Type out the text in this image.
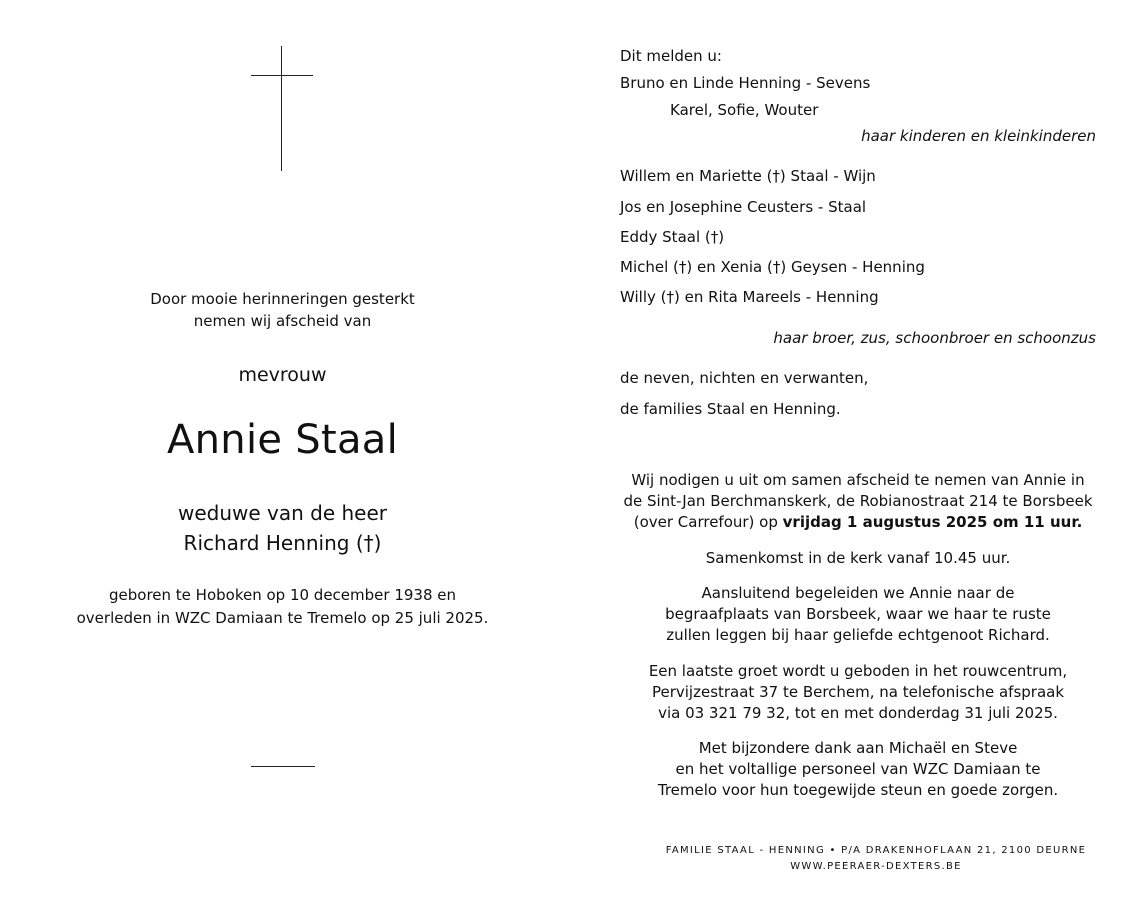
Door mooie herinneringen gesterkt
nemen wij afscheid van
mevrouw
Annie Staal
weduwe van de heer
Richard Henning (†)
geboren te Hoboken op 10 december 1938 en
overleden in WZC Damiaan te Tremelo op 25 juli 2025.
Dit melden u:
Bruno en Linde Henning - Sevens
Karel, Sofie, Wouter
haar kinderen en kleinkinderen
Willem en Mariette (†) Staal - Wijn
Jos en Josephine Ceusters - Staal
Eddy Staal (†)
Michel (†) en Xenia (†) Geysen - Henning
Willy (†) en Rita Mareels - Henning
haar broer, zus, schoonbroer en schoonzus
de neven, nichten en verwanten,
de families Staal en Henning.
Wij nodigen u uit om samen afscheid te nemen van Annie in
de Sint-Jan Berchmanskerk, de Robianostraat 214 te Borsbeek
(over Carrefour) op vrijdag 1 augustus 2025 om 11 uur.
Samenkomst in de kerk vanaf 10.45 uur.
Aansluitend begeleiden we Annie naar de
begraafplaats van Borsbeek, waar we haar te ruste
zullen leggen bij haar geliefde echtgenoot Richard.
Een laatste groet wordt u geboden in het rouwcentrum,
Pervijzestraat 37 te Berchem, na telefonische afspraak
via 03 321 79 32, tot en met donderdag 31 juli 2025.
Met bijzondere dank aan Michaël en Steve
en het voltallige personeel van WZC Damiaan te
Tremelo voor hun toegewijde steun en goede zorgen.
FAMILIE STAAL - HENNING • P/A DRAKENHOFLAAN 21, 2100 DEURNE
WWW.PEERAER-DEXTERS.BE
